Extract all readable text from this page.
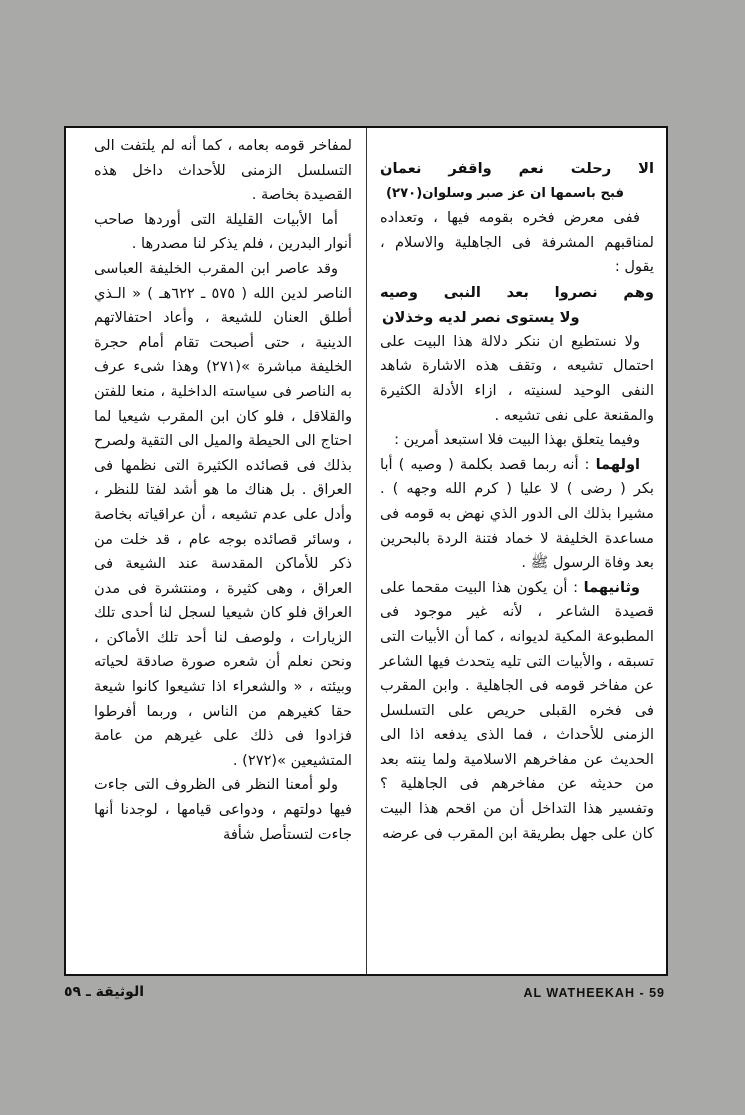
الا رحلت نعم واقفر نعمان
فبح باسمها ان عز صبر وسلوان(٢٧٠)

ففى معرض فخره بقومه فيها ، وتعداده لمناقبهم المشرفة فى الجاهلية والاسلام ، يقول :

وهم نصروا بعد النبى وصيه
ولا يستوى نصر لديه وخذلان

ولا نستطيع ان ننكر دلالة هذا البيت على احتمال تشيعه ، وتقف هذه الاشارة شاهد النفى الوحيد لسنيته ، ازاء الأدلة الكثيرة والمقنعة على نفى تشيعه .

وفيما يتعلق بهذا البيت فلا استبعد أمرين :

اولهما : أنه ربما قصد بكلمة ( وصيه ) أبا بكر ( رضى ) لا عليا ( كرم الله وجهه ) . مشيرا بذلك الى الدور الذي نهض به قومه فى مساعدة الخليفة لا خماد فتنة الردة بالبحرين بعد وفاة الرسول ﷺ .

وثانيهما : أن يكون هذا البيت مقحما على قصيدة الشاعر ، لأنه غير موجود فى المطبوعة المكية لديوانه ، كما أن الأبيات التى تسبقه ، والأبيات التى تليه يتحدث فيها الشاعر عن مفاخر قومه فى الجاهلية . وابن المقرب فى فخره القبلى حريص على التسلسل الزمنى للأحداث ، فما الذى يدفعه اذا الى الحديث عن مفاخرهم الاسلامية ولما ينته بعد من حديثه عن مفاخرهم فى الجاهلية ؟ وتفسير هذا التداخل أن من اقحم هذا البيت كان على جهل بطريقة ابن المقرب فى عرضه

لمفاخر قومه بعامه ، كما أنه لم يلتفت الى التسلسل الزمنى للأحداث داخل هذه القصيدة بخاصة .

أما الأبيات القليلة التى أوردها صاحب أنوار البدرين ، فلم يذكر لنا مصدرها .

وقد عاصر ابن المقرب الخليفة العباسى الناصر لدين الله ( ٥٧٥ ـ ٦٢٢هـ ) « الـذي أطلق العنان للشيعة ، وأعاد احتفالاتهم الدينية ، حتى أصبحت تقام أمام حجرة الخليفة مباشرة »(٢٧١) وهذا شىء عرف به الناصر فى سياسته الداخلية ، منعا للفتن والقلاقل ، فلو كان ابن المقرب شيعيا لما احتاج الى الحيطة والميل الى التقية ولصرح بذلك فى قصائده الكثيرة التى نظمها فى العراق . بل هناك ما هو أشد لفتا للنظر ، وأدل على عدم تشيعه ، أن عراقياته بخاصة ، وسائر قصائده بوجه عام ، قد خلت من ذكر للأماكن المقدسة عند الشيعة فى العراق ، وهى كثيرة ، ومنتشرة فى مدن العراق فلو كان شيعيا لسجل لنا أحدى تلك الزيارات ، ولوصف لنا أحد تلك الأماكن ، ونحن نعلم أن شعره صورة صادقة لحياته وبيئته ، « والشعراء اذا تشيعوا كانوا شيعة حقا كغيرهم من الناس ، وربما أفرطوا فزادوا فى ذلك على غيرهم من عامة المتشيعين »(٢٧٢) .

ولو أمعنا النظر فى الظروف التى جاءت فيها دولتهم ، ودواعى قيامها ، لوجدنا أنها جاءت لتستأصل شأفة

الوثيقة ـ ٥٩	AL WATHEEKAH - 59
